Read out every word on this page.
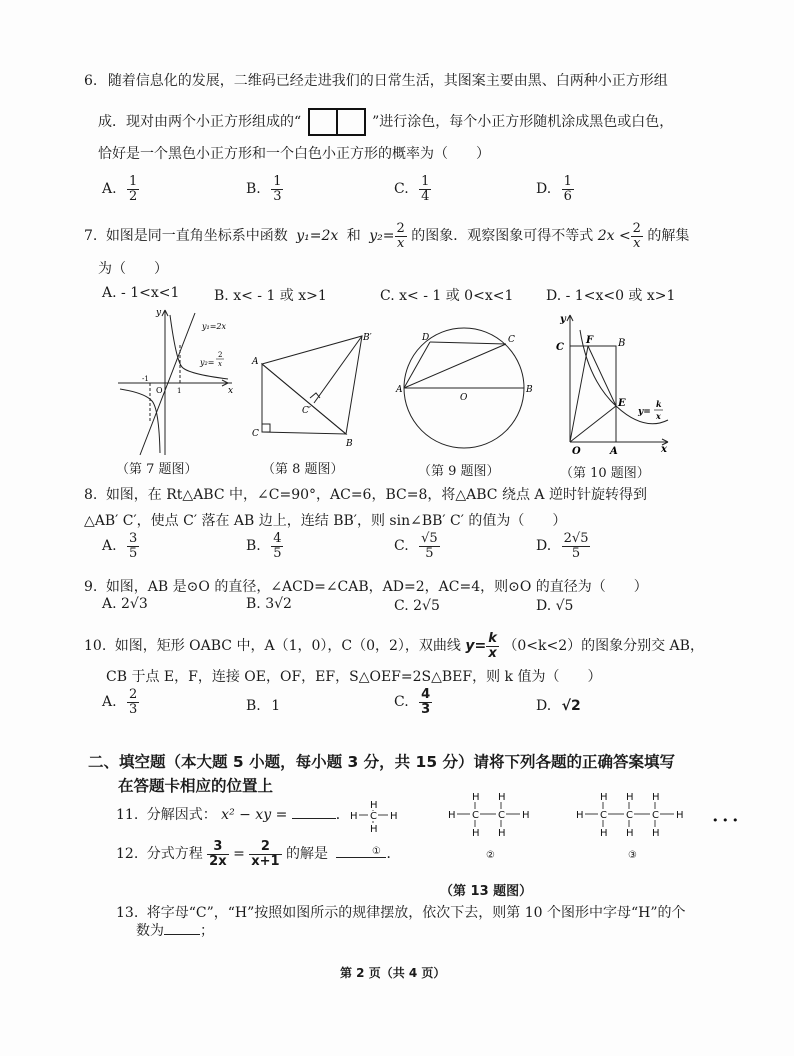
6. 随着信息化的发展，二维码已经走进我们的日常生活，其图案主要由黑、白两种小正方形组
成．现对由两个小正方形组成的“	”进行涂色，每个小正方形随机涂成黑色或白色，
恰好是一个黑色小正方形和一个白色小正方形的概率为（　　）
A. $\frac{1}{2}$	B. $\frac{1}{3}$	C. $\frac{1}{4}$	D. $\frac{1}{6}$
7. 如图是同一直角坐标系中函数 y₁=2x 和 $y_2= \frac{2}{x}$ 的图象．观察图象可得不等式 $2x < \frac{2}{x}$ 的解集
为（　　）
A. - 1<x<1 B. x< - 1 或 x>1	C. x< - 1 或 0<x<1 D. - 1<x<0 或 x>1
y₁=2x
y₂=
2
x
x
y
O
-1
1
A
C
B
B′
C′
A	B
C
D
O
C
F B
E
O	A	x
y
y=
k
x
（第 7 题图）	（第 8 题图）	（第 9 题图）	（第 10 题图）
8. 如图，在 Rt△ABC 中，∠C=90°，AC=6，BC=8，将△ABC 绕点 A 逆时针旋转得到
△AB′ C′，使点 C′ 落在 AB 边上，连结 BB′，则 sin∠BB′ C′ 的值为（　　）
A. $\frac{3}{5}$	B. $\frac{4}{5}$	C. $\frac{√5}{5}$	D. $\frac{2√5}{5}$
9. 如图，AB 是⊙O 的直径，∠ACD=∠CAB，AD=2，AC=4，则⊙O 的直径为（　　）
A. 2√3	B. 3√2	C. 2√5	D. √5
10. 如图，矩形 OABC 中，A（1，0），C（0，2），双曲线 $y= \frac{k}{x} (0<k<2)$的图象分别交 AB，
CB 于点 E，F，连接 OE，OF，EF，S△OEF=2S△BEF，则 k 值为（　　）
A. $\frac{2}{3}$	B. 1	C. $\frac{4}{3}$	D. √2
二、填空题（本大题 5 小题，每小题 3 分，共 15 分）请将下列各题的正确答案填写
在答题卡相应的位置上
11. 分解因式： x² − xy =	．
12. 分式方程 $\frac{3}{2x} = \frac{2}{x+1}$ 的解是	．
H
H C H
H
①
H H
H C C H
H H
②
H H H
H C C C H
H H H
③
• • •
（第 13 题图）
13. 将字母“C”，“H”按照如图所示的规律摆放，依次下去，则第 10 个图形中字母“H”的个
数为	；
第 2 页（共 4 页）
